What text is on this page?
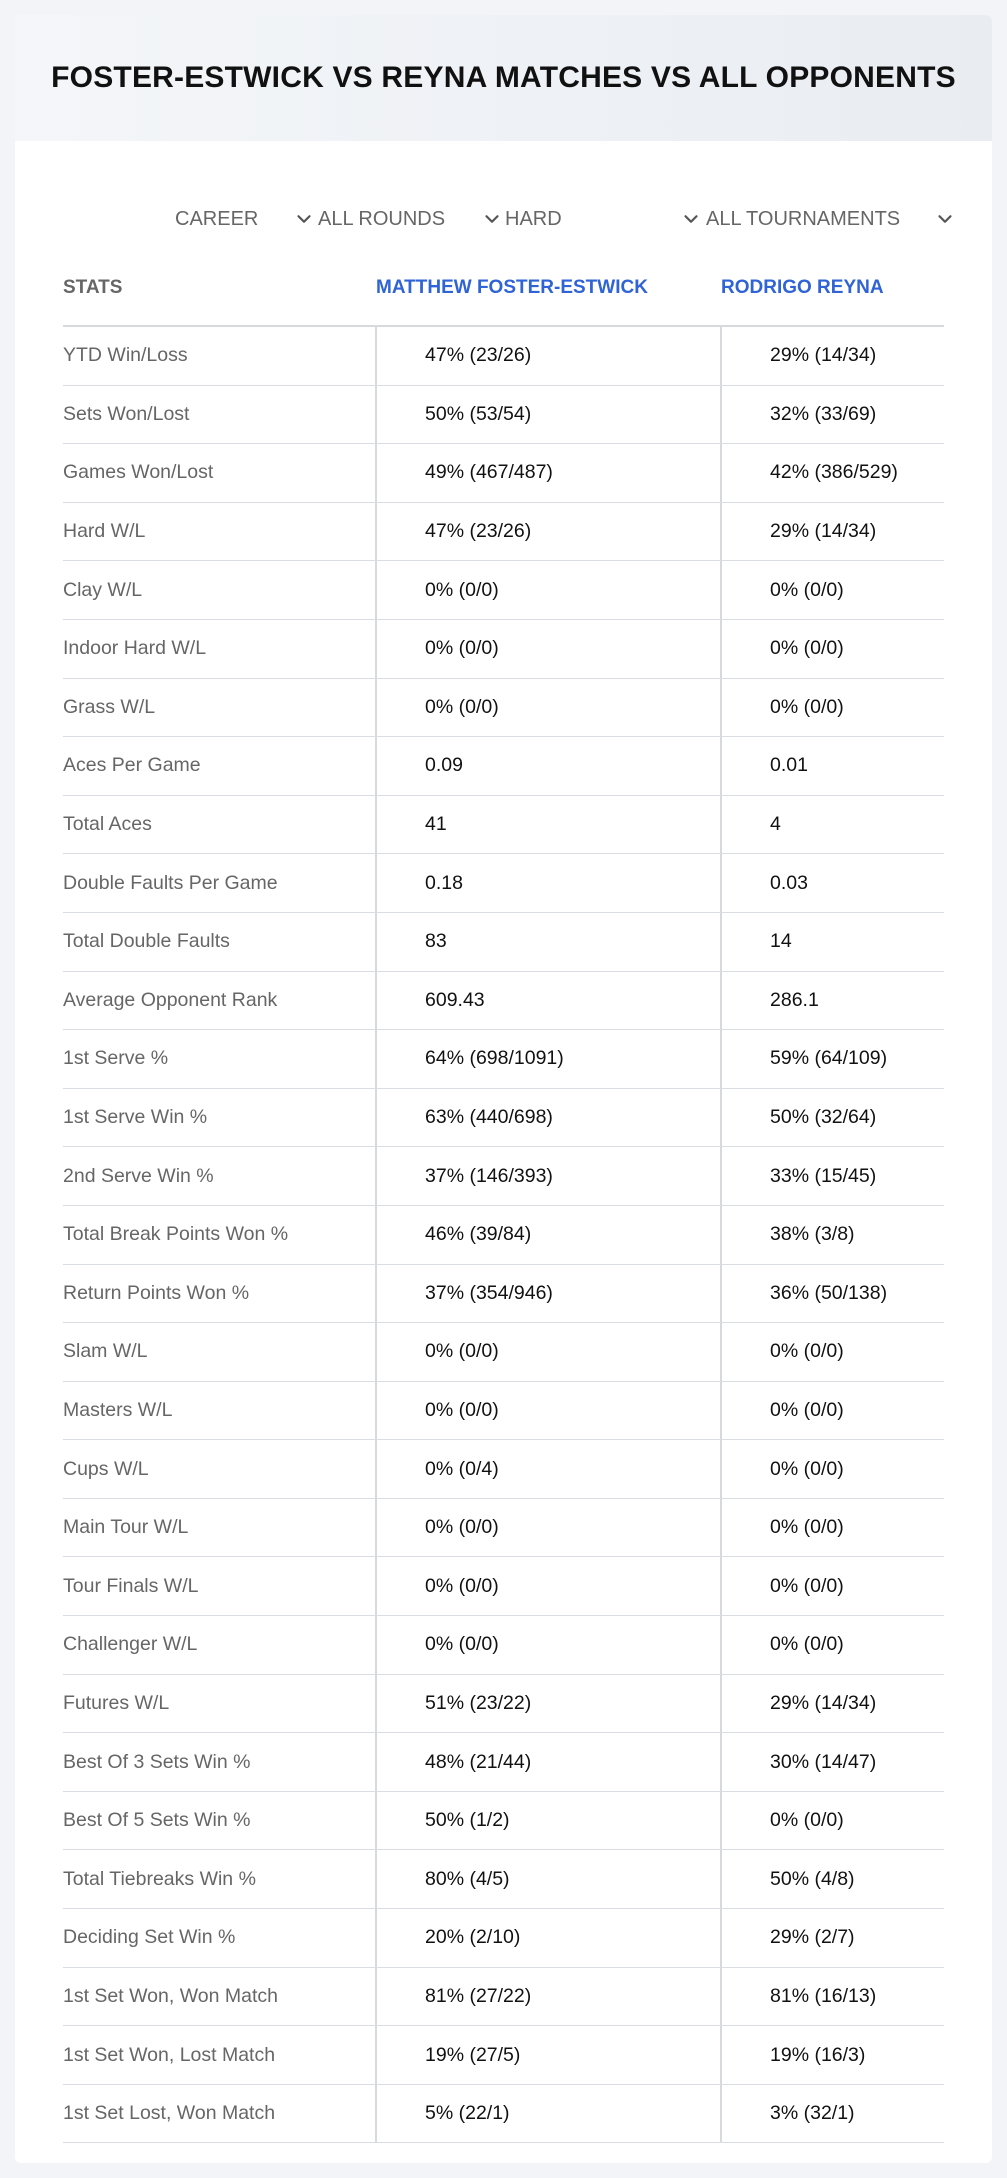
FOSTER-ESTWICK VS REYNA MATCHES VS ALL OPPONENTS
CAREER	ALL ROUNDS	HARD	ALL TOURNAMENTS
STATS	MATTHEW FOSTER-ESTWICK	RODRIGO REYNA
YTD Win/Loss	47% (23/26)	29% (14/34)
Sets Won/Lost	50% (53/54)	32% (33/69)
Games Won/Lost	49% (467/487)	42% (386/529)
Hard W/L	47% (23/26)	29% (14/34)
Clay W/L	0% (0/0)	0% (0/0)
Indoor Hard W/L	0% (0/0)	0% (0/0)
Grass W/L	0% (0/0)	0% (0/0)
Aces Per Game	0.09	0.01
Total Aces	41	4
Double Faults Per Game	0.18	0.03
Total Double Faults	83	14
Average Opponent Rank	609.43	286.1
1st Serve %	64% (698/1091)	59% (64/109)
1st Serve Win %	63% (440/698)	50% (32/64)
2nd Serve Win %	37% (146/393)	33% (15/45)
Total Break Points Won %	46% (39/84)	38% (3/8)
Return Points Won %	37% (354/946)	36% (50/138)
Slam W/L	0% (0/0)	0% (0/0)
Masters W/L	0% (0/0)	0% (0/0)
Cups W/L	0% (0/4)	0% (0/0)
Main Tour W/L	0% (0/0)	0% (0/0)
Tour Finals W/L	0% (0/0)	0% (0/0)
Challenger W/L	0% (0/0)	0% (0/0)
Futures W/L	51% (23/22)	29% (14/34)
Best Of 3 Sets Win %	48% (21/44)	30% (14/47)
Best Of 5 Sets Win %	50% (1/2)	0% (0/0)
Total Tiebreaks Win %	80% (4/5)	50% (4/8)
Deciding Set Win %	20% (2/10)	29% (2/7)
1st Set Won, Won Match	81% (27/22)	81% (16/13)
1st Set Won, Lost Match	19% (27/5)	19% (16/3)
1st Set Lost, Won Match	5% (22/1)	3% (32/1)
